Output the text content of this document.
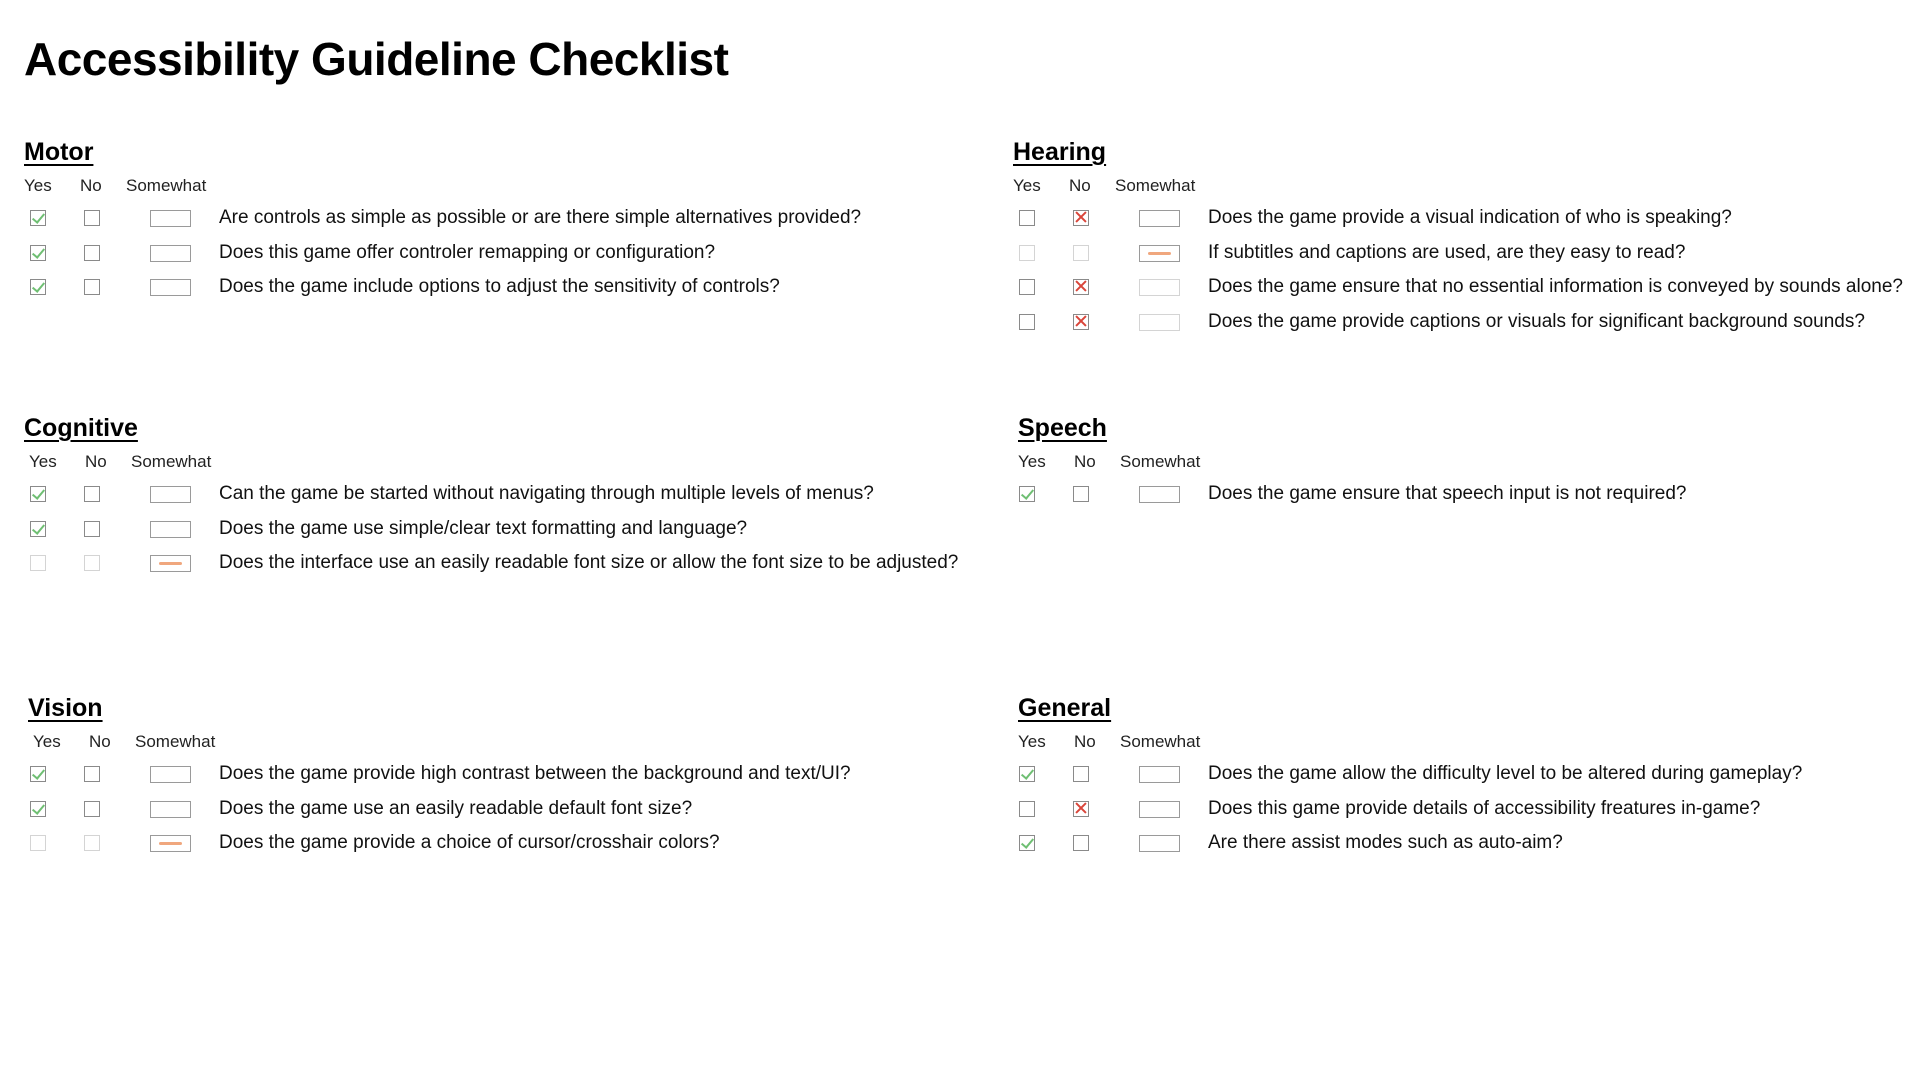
Accessibility Guideline Checklist
Motor
Yes No Somewhat
Are controls as simple as possible or are there simple alternatives provided?
Does this game offer controler remapping or configuration?
Does the game include options to adjust the sensitivity of controls?
Hearing
Yes No Somewhat
Does the game provide a visual indication of who is speaking?
If subtitles and captions are used, are they easy to read?
Does the game ensure that no essential information is conveyed by sounds alone?
Does the game provide captions or visuals for significant background sounds?
Cognitive
Yes No Somewhat
Can the game be started without navigating through multiple levels of menus?
Does the game use simple/clear text formatting and language?
Does the interface use an easily readable font size or allow the font size to be adjusted?
Speech
Yes No Somewhat
Does the game ensure that speech input is not required?
Vision
Yes No Somewhat
Does the game provide high contrast between the background and text/UI?
Does the game use an easily readable default font size?
Does the game provide a choice of cursor/crosshair colors?
General
Yes No Somewhat
Does the game allow the difficulty level to be altered during gameplay?
Does this game provide details of accessibility freatures in-game?
Are there assist modes such as auto-aim?
